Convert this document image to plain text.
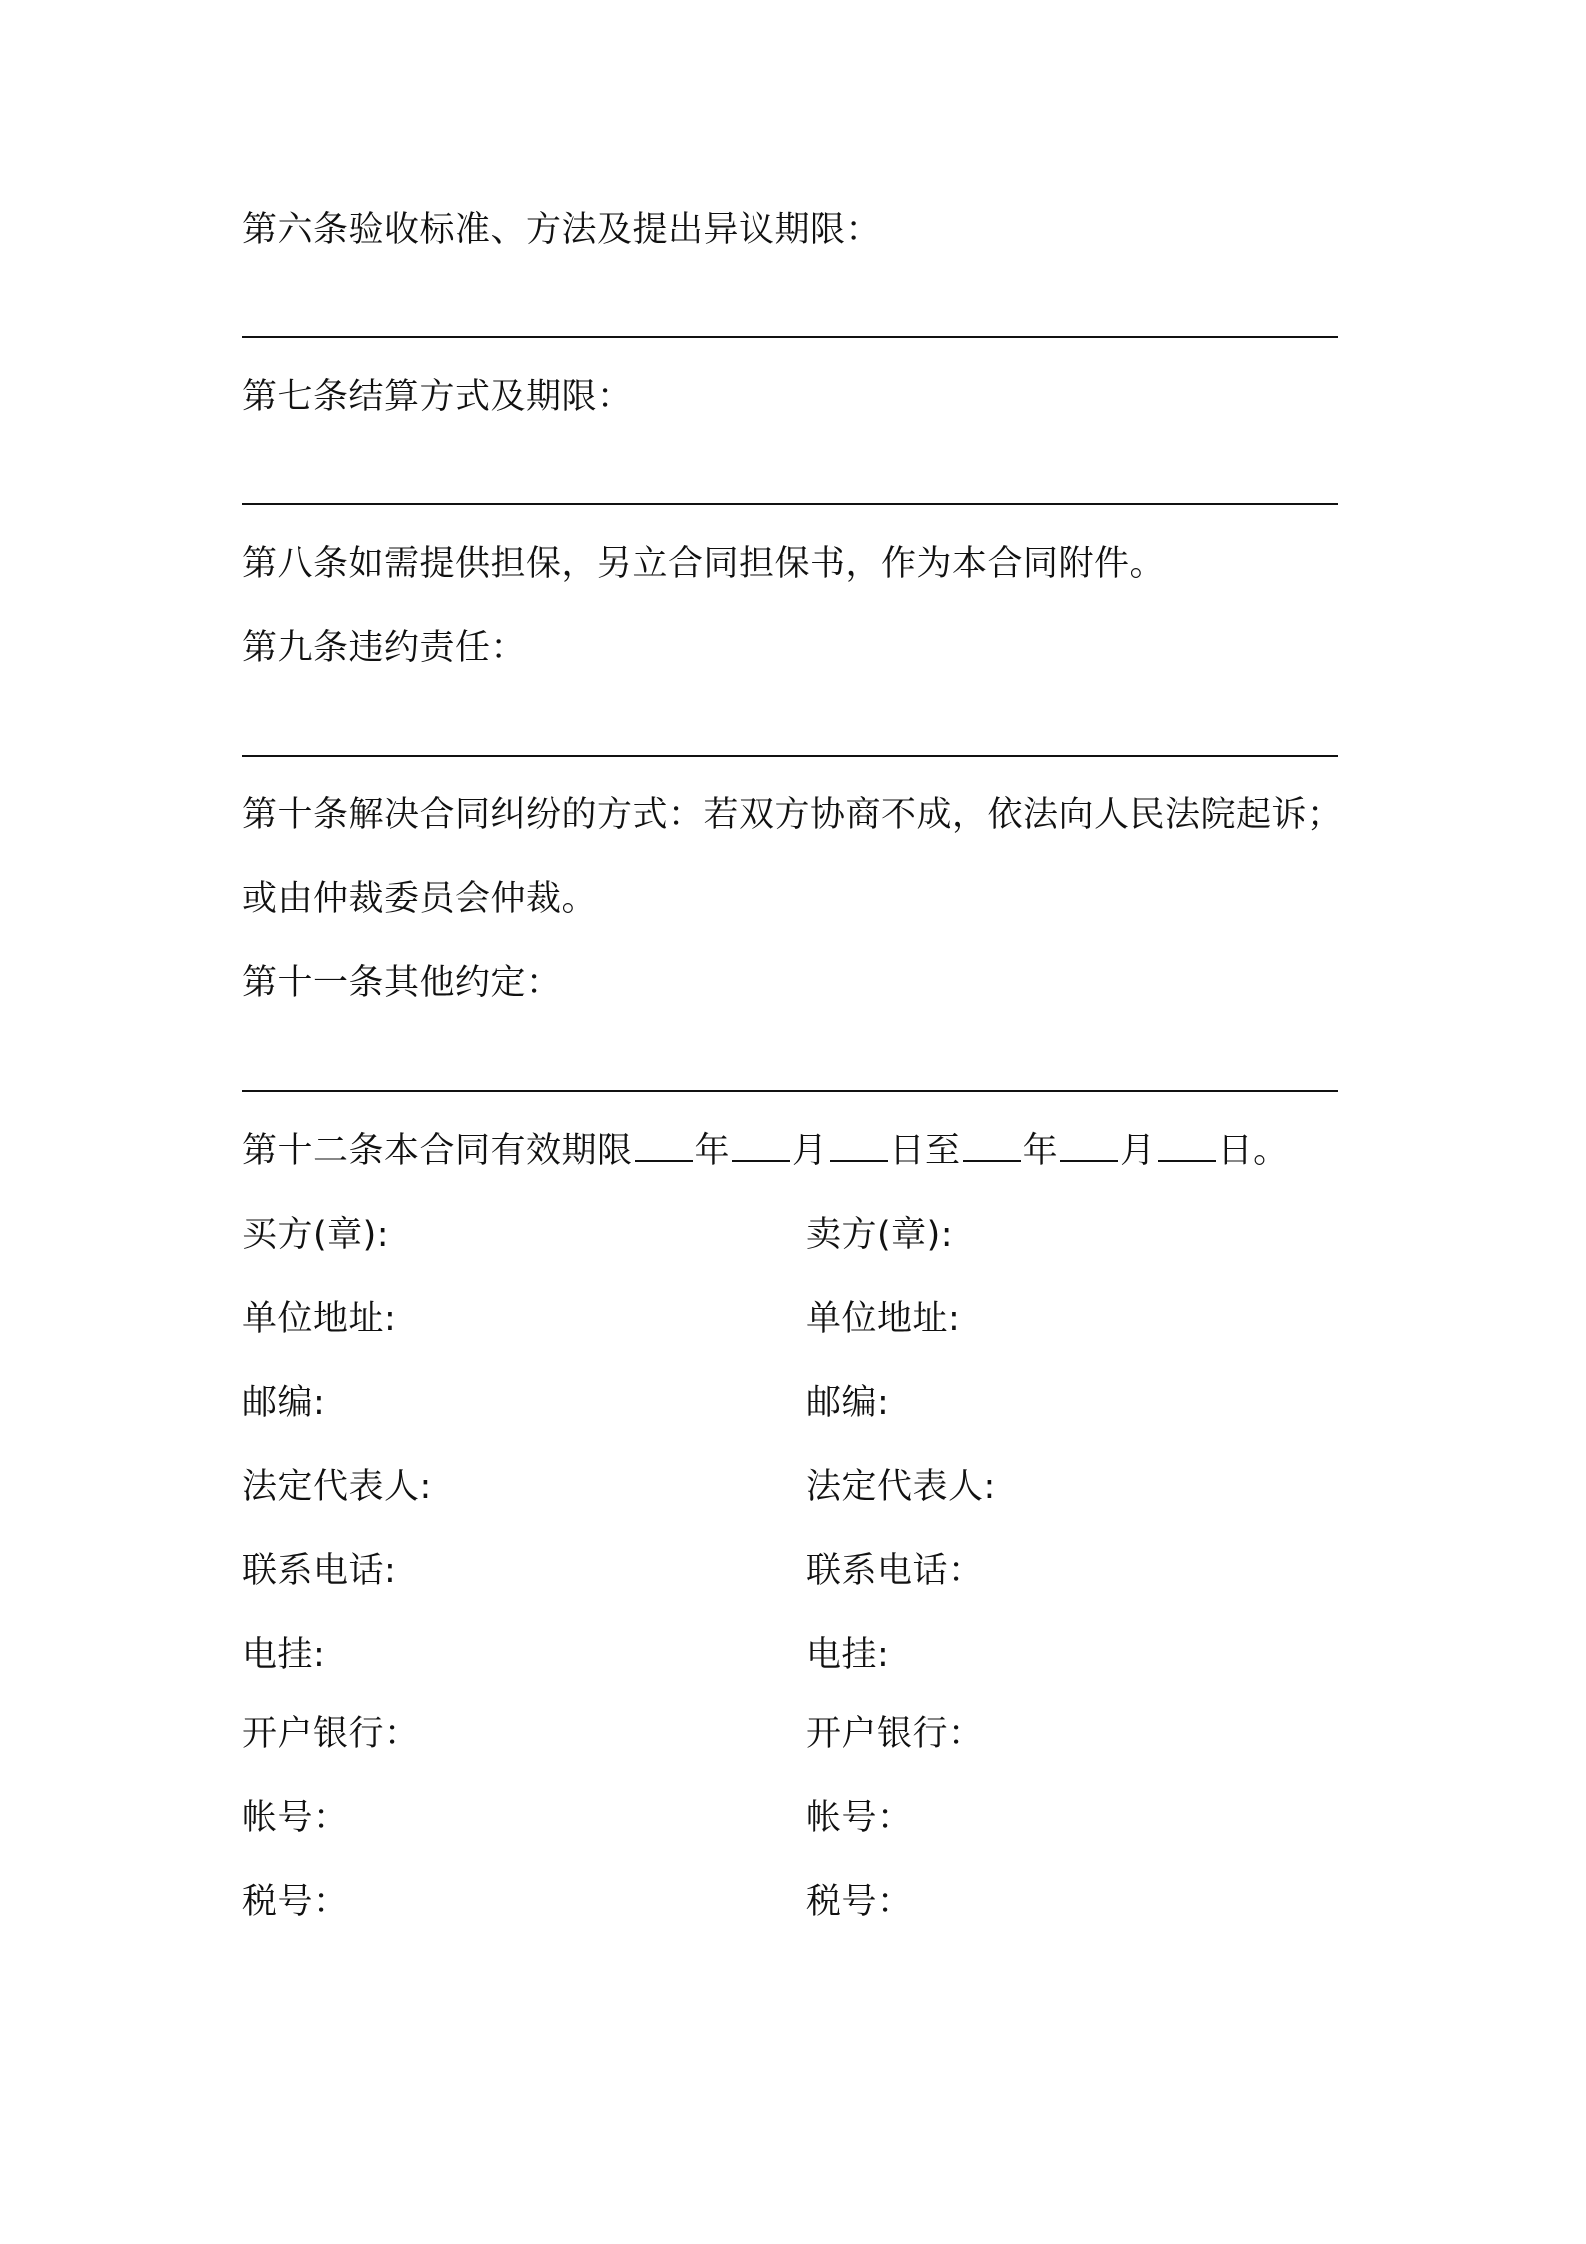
第六条验收标准、方法及提出异议期限：
第七条结算方式及期限：
第八条如需提供担保，另立合同担保书，作为本合同附件。
第九条违约责任：
第十条解决合同纠纷的方式：若双方协商不成，依法向人民法院起诉；
或由仲裁委员会仲裁。
第十一条其他约定：
第十二条本合同有效期限 年 月 日至 年 月 日。
买方(章):
单位地址:
邮编:
法定代表人:
联系电话:
电挂:
开户银行：
帐号：
税号：
卖方(章):
单位地址:
邮编:
法定代表人:
联系电话：
电挂:
开户银行：
帐号：
税号：
